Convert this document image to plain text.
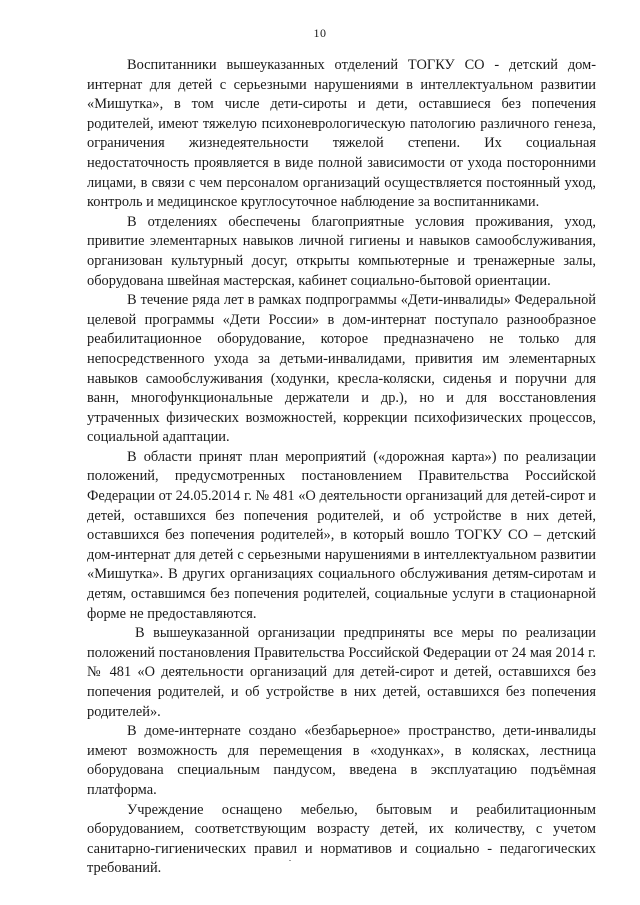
10

Воспитанники вышеуказанных отделений ТОГКУ СО - детский дом-интернат для детей с серьезными нарушениями в интеллектуальном развитии «Мишутка», в том числе дети-сироты и дети, оставшиеся без попечения родителей, имеют тяжелую психоневрологическую патологию различного генеза, ограничения жизнедеятельности тяжелой степени. Их социальная недостаточность проявляется в виде полной зависимости от ухода посторонними лицами, в связи с чем персоналом организаций осуществляется постоянный уход, контроль и медицинское круглосуточное наблюдение за воспитанниками.

В отделениях обеспечены благоприятные условия проживания, уход, привитие элементарных навыков личной гигиены и навыков самообслуживания, организован культурный досуг, открыты компьютерные и тренажерные залы, оборудована швейная мастерская, кабинет социально-бытовой ориентации.

В течение ряда лет в рамках подпрограммы «Дети-инвалиды» Федеральной целевой программы «Дети России» в дом-интернат поступало разнообразное реабилитационное оборудование, которое предназначено не только для непосредственного ухода за детьми-инвалидами, привития им элементарных навыков самообслуживания (ходунки, кресла-коляски, сиденья и поручни для ванн, многофункциональные держатели и др.), но и для восстановления утраченных физических возможностей, коррекции психофизических процессов, социальной адаптации.

В области принят план мероприятий («дорожная карта») по реализации положений, предусмотренных постановлением Правительства Российской Федерации от 24.05.2014 г. № 481 «О деятельности организаций для детей-сирот и детей, оставшихся без попечения родителей, и об устройстве в них детей, оставшихся без попечения родителей», в который вошло ТОГКУ СО – детский дом-интернат для детей с серьезными нарушениями в интеллектуальном развитии «Мишутка». В других организациях социального обслуживания детям-сиротам и детям, оставшимся без попечения родителей, социальные услуги в стационарной форме не предоставляются.

В вышеуказанной организации предприняты все меры по реализации положений постановления Правительства Российской Федерации от 24 мая 2014 г. № 481 «О деятельности организаций для детей-сирот и детей, оставшихся без попечения родителей, и об устройстве в них детей, оставшихся без попечения родителей».

В доме-интернате создано «безбарьерное» пространство, дети-инвалиды имеют возможность для перемещения в «ходунках», в колясках, лестница оборудована специальным пандусом, введена в эксплуатацию подъёмная платформа.

Учреждение оснащено мебелью, бытовым и реабилитационным оборудованием, соответствующим возрасту детей, их количеству, с учетом санитарно-гигиенических правил и нормативов и социально - педагогических требований.
